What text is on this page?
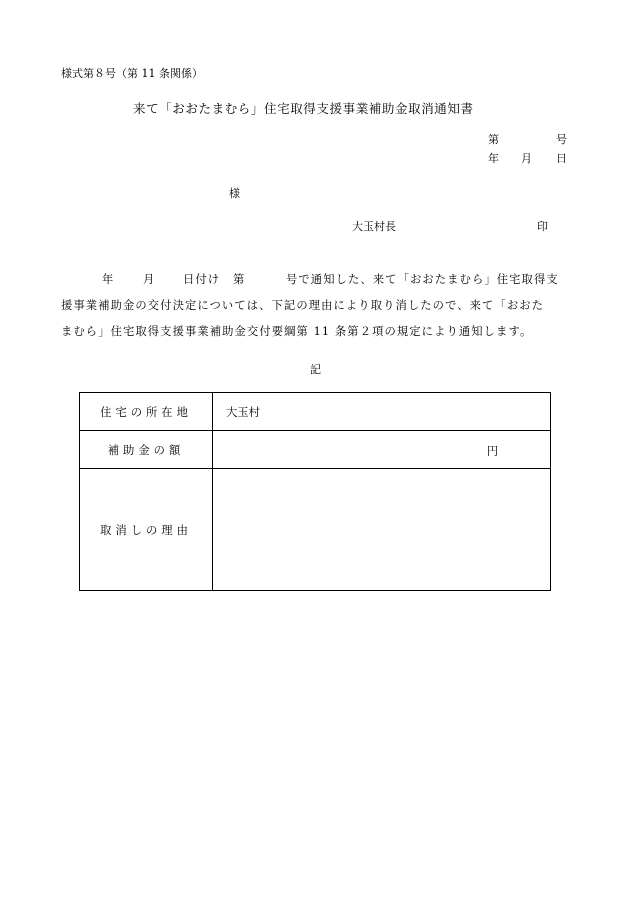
様式第８号（第 11 条関係）
来て「おおたまむら」住宅取得支援事業補助金取消通知書
第	号
年 月 日
様
大玉村長	印
年	月 日付け 第	号で通知した、来て「おおたまむら」住宅取得支
援事業補助金の交付決定については、下記の理由により取り消したので、来て「おおた
まむら」住宅取得支援事業補助金交付要綱第 11 条第２項の規定により通知します。
記
住宅の所在地	大玉村
補助金の額	円

取消しの理由	
